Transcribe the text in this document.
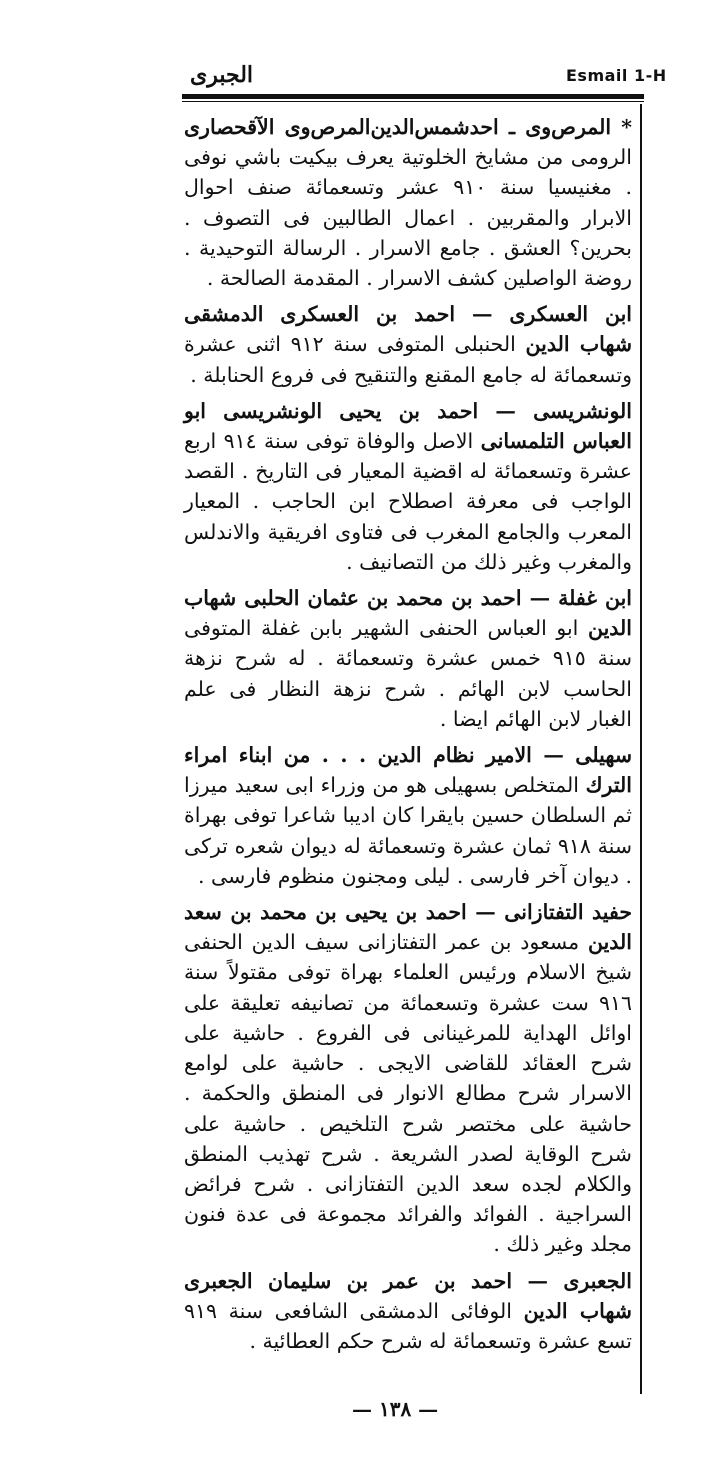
Esmail 1-H
الجبرى

* المرص‌وی ـ احدشمس‌الدين‌المرص‌وی الآقحصاری الرومى من مشايخ الخلوتية يعرف بيكيت باشي نوفى . مغنيسيا سنة ٩١٠ عشر وتسعمائة صنف احوال الابرار والمقربين . اعمال الطالبين فى التصوف . بحرين؟ العشق . جامع الاسرار . الرسالة التوحيدية . روضة الواصلين كشف الاسرار . المقدمة الصالحة .

ابن العسكرى — احمد بن العسكرى الدمشقى شهاب الدين الحنبلى المتوفى سنة ٩١٢ اثنى عشرة وتسعمائة له جامع المقنع والتنقيح فى فروع الحنابلة .

الونشريسى — احمد بن يحيى الونشريسى ابو العباس التلمسانى الاصل والوفاة توفى سنة ٩١٤ اربع عشرة وتسعمائة له اقضية المعيار فى التاريخ . القصد الواجب فى معرفة اصطلاح ابن الحاجب . المعيار المعرب والجامع المغرب فى فتاوى افريقية والاندلس والمغرب وغير ذلك من التصانيف .

ابن غفلة — احمد بن محمد بن عثمان الحلبى شهاب الدين ابو العباس الحنفى الشهير بابن غفلة المتوفى سنة ٩١٥ خمس عشرة وتسعمائة . له شرح نزهة الحاسب لابن الهائم . شرح نزهة النظار فى علم الغبار لابن الهائم ايضا .

سهيلى — الامير نظام الدين . . . من ابناء امراء الترك المتخلص بسهيلى هو من وزراء ابى سعيد ميرزا ثم السلطان حسين بايقرا كان اديبا شاعرا توفى بهراة سنة ٩١٨ ثمان عشرة وتسعمائة له ديوان شعره تركى . ديوان آخر فارسى . ليلى ومجنون منظوم فارسى .

حفيد التفتازانى — احمد بن يحيى بن محمد بن سعد الدين مسعود بن عمر التفتازانى سيف الدين الحنفى شيخ الاسلام ورئيس العلماء بهراة توفى مقتولاً سنة ٩١٦ ست عشرة وتسعمائة من تصانيفه تعليقة على اوائل الهداية للمرغينانى فى الفروع . حاشية على شرح العقائد للقاضى الايجى . حاشية على لوامع الاسرار شرح مطالع الانوار فى المنطق والحكمة . حاشية على مختصر شرح التلخيص . حاشية على شرح الوقاية لصدر الشريعة . شرح تهذيب المنطق والكلام لجده سعد الدين التفتازانى . شرح فرائض السراجية . الفوائد والفرائد مجموعة فى عدة فنون مجلد وغير ذلك .

الجعبرى — احمد بن عمر بن سليمان الجعبرى شهاب الدين الوفائى الدمشقى الشافعى سنة ٩١٩ تسع عشرة وتسعمائة له شرح حكم العطائية .

— ١٣٨ —
